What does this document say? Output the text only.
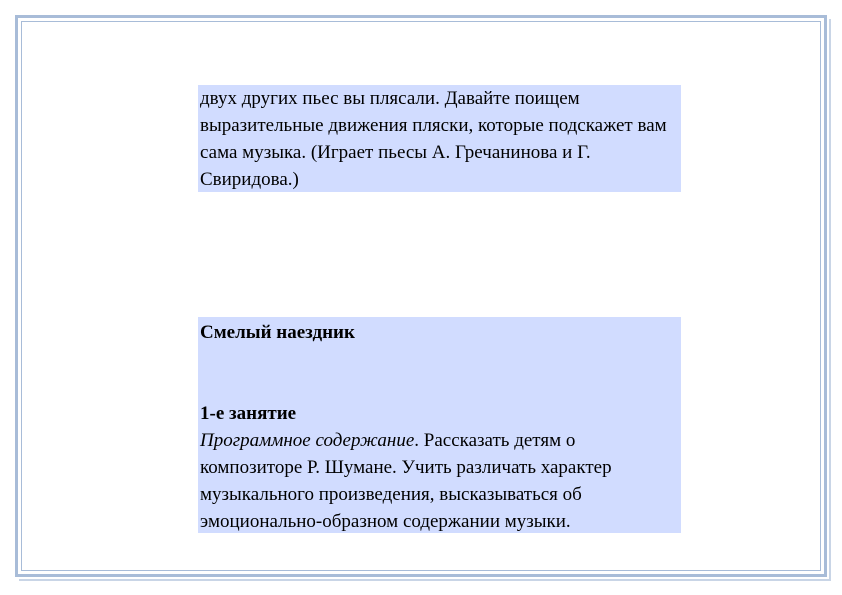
двух других пьес вы плясали. Давайте поищем выразительные движения пляски, которые подскажет вам сама музыка. (Играет пьесы А. Гречанинова и Г. Свиридова.)

Смелый наездник

1-е занятие

Программное содержание. Рассказать детям о композиторе Р. Шумане. Учить различать характер музыкального произведения, высказываться об эмоционально-образном содержании музыки.
